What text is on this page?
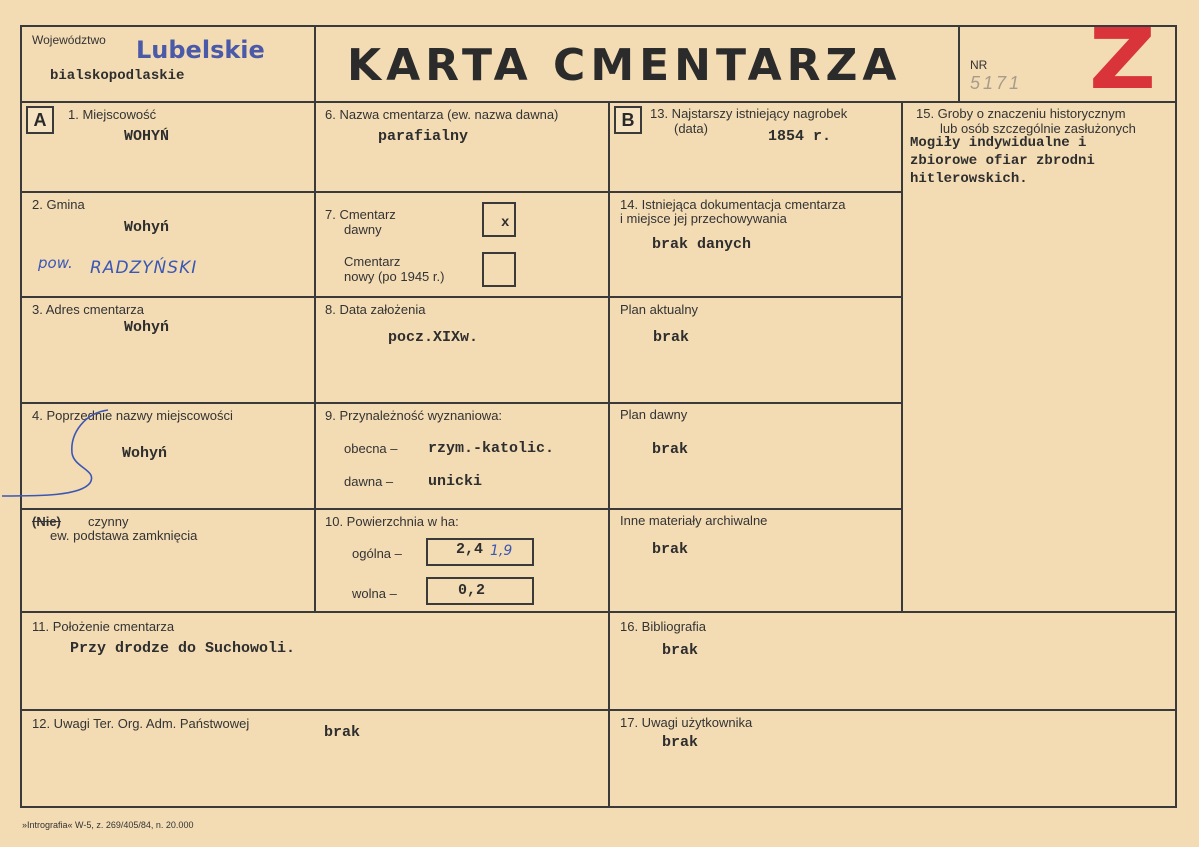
Województwo Lubelskie
bialskopodlaskie	KARTA CMENTARZA	NR
5171 Z
A	B
1. Miejscowość
WOHYŃ
2. Gmina
Wohyń
pow. RADZYŃSKI
3. Adres cmentarza
Wohyń
4. Poprzednie nazwy miejscowości
Wohyń
(Nie) czynny
ew. podstawa zamknięcia
6. Nazwa cmentarza (ew. nazwa dawna)
parafialny
7. Cmentarz
dawny	x
Cmentarz
nowy (po 1945 r.)
8. Data założenia
pocz.XIXw.
9. Przynależność wyznaniowa:
obecna – rzym.-katolic.
dawna – unicki
10. Powierzchnia w ha:
ogólna –	2,4 1,9
wolna –	0,2
11. Położenie cmentarza
Przy drodze do Suchowoli.
12. Uwagi Ter. Org. Adm. Państwowej
brak
13. Najstarszy istniejący nagrobek
(data)	1854 r.
14. Istniejąca dokumentacja cmentarza
i miejsce jej przechowywania
brak danych
Plan aktualny
brak
Plan dawny
brak
Inne materiały archiwalne
brak
15. Groby o znaczeniu historycznym
lub osób szczególnie zasłużonych
Mogiły indywidualne i
zbiorowe ofiar zbrodni
hitlerowskich.
16. Bibliografia
brak
17. Uwagi użytkownika
brak
»Intrografia« W-5, z. 269/405/84, n. 20.000
